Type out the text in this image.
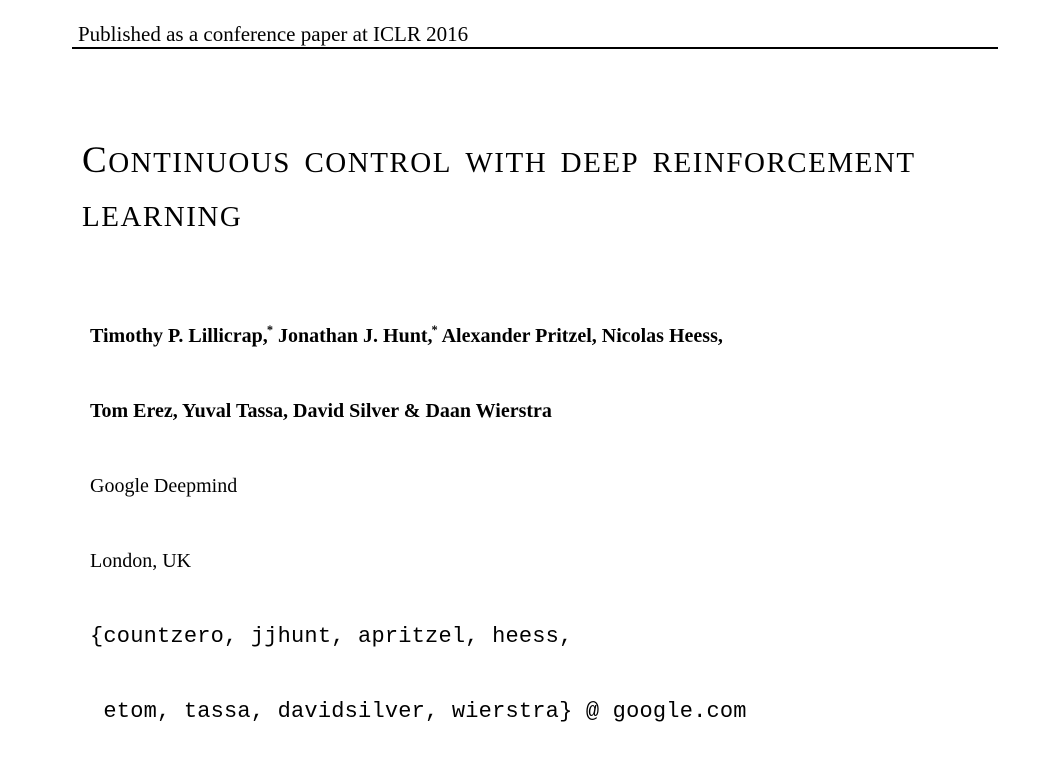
Published as a conference paper at ICLR 2016
CONTINUOUS CONTROL WITH DEEP REINFORCEMENT LEARNING

Timothy P. Lillicrap,* Jonathan J. Hunt,* Alexander Pritzel, Nicolas Heess,

Tom Erez, Yuval Tassa, David Silver & Daan Wierstra

Google Deepmind

London, UK

{countzero, jjhunt, apritzel, heess,

etom, tassa, davidsilver, wierstra} @ google.com
